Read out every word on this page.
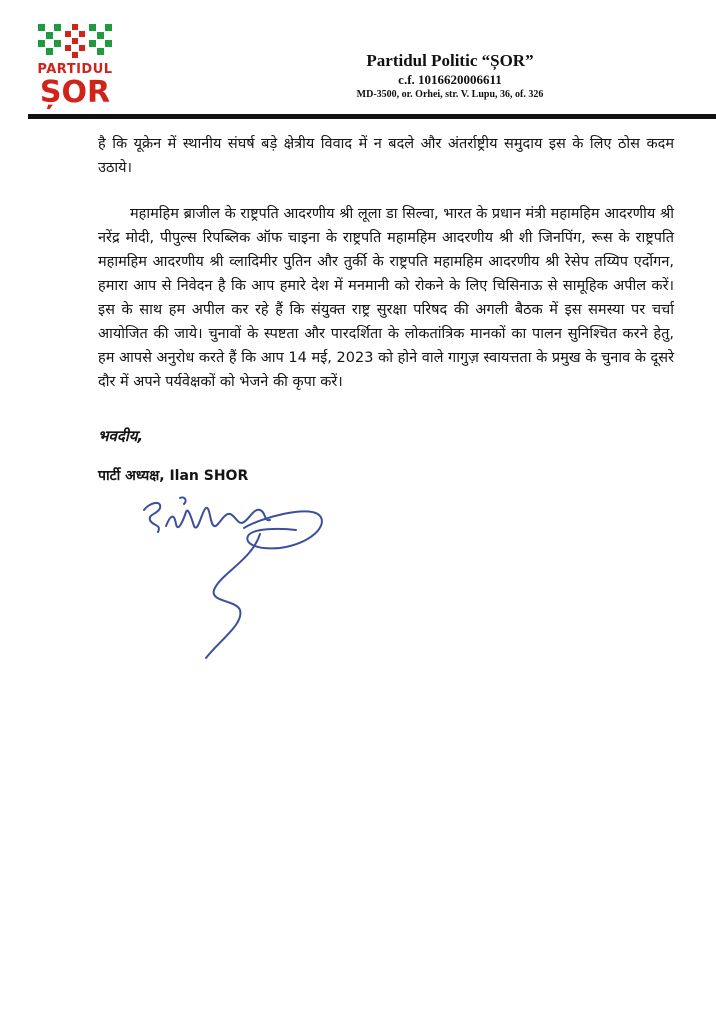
PARTIDUL
ȘOR
Partidul Politic “ȘOR”
c.f. 1016620006611
MD-3500, or. Orhei, str. V. Lupu, 36, of. 326

है कि यूक्रेन में स्थानीय संघर्ष बड़े क्षेत्रीय विवाद में न बदले और अंतर्राष्ट्रीय समुदाय इस के लिए ठोस कदम उठाये।

महामहिम ब्राजील के राष्ट्रपति आदरणीय श्री लूला डा सिल्वा, भारत के प्रधान मंत्री महामहिम आदरणीय श्री नरेंद्र मोदी, पीपुल्स रिपब्लिक ऑफ चाइना के राष्ट्रपति महामहिम आदरणीय श्री शी जिनपिंग, रूस के राष्ट्रपति महामहिम आदरणीय श्री व्लादिमीर पुतिन और तुर्की के राष्ट्रपति महामहिम आदरणीय श्री रेसेप तय्यिप एर्दोगन, हमारा आप से निवेदन है कि आप हमारे देश में मनमानी को रोकने के लिए चिसिनाऊ से सामूहिक अपील करें। इस के साथ हम अपील कर रहे हैं कि संयुक्त राष्ट्र सुरक्षा परिषद की अगली बैठक में इस समस्या पर चर्चा आयोजित की जाये। चुनावों के स्पष्टता और पारदर्शिता के लोकतांत्रिक मानकों का पालन सुनिश्चित करने हेतु, हम आपसे अनुरोध करते हैं कि आप 14 मई, 2023 को होने वाले गागुज़ स्वायत्तता के प्रमुख के चुनाव के दूसरे दौर में अपने पर्यवेक्षकों को भेजने की कृपा करें।

भवदीय,
पार्टी अध्यक्ष, Ilan SHOR
